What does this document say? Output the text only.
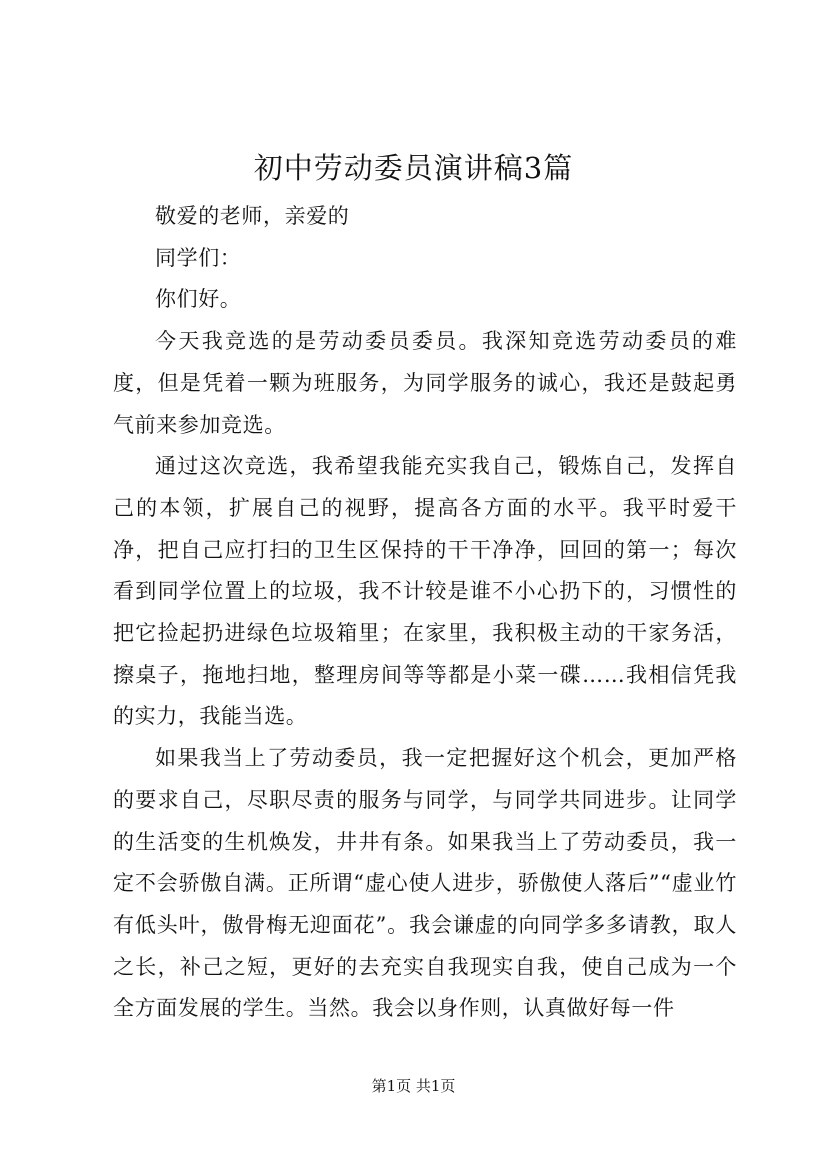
初中劳动委员演讲稿3篇

敬爱的老师，亲爱的

同学们：

你们好。

今天我竞选的是劳动委员委员。我深知竞选劳动委员的难度，但是凭着一颗为班服务，为同学服务的诚心，我还是鼓起勇气前来参加竞选。

通过这次竞选，我希望我能充实我自己，锻炼自己，发挥自己的本领，扩展自己的视野，提高各方面的水平。我平时爱干净，把自己应打扫的卫生区保持的干干净净，回回的第一；每次看到同学位置上的垃圾，我不计较是谁不小心扔下的，习惯性的把它捡起扔进绿色垃圾箱里；在家里，我积极主动的干家务活，擦桌子，拖地扫地，整理房间等等都是小菜一碟……我相信凭我的实力，我能当选。

如果我当上了劳动委员，我一定把握好这个机会，更加严格的要求自己，尽职尽责的服务与同学，与同学共同进步。让同学的生活变的生机焕发，井井有条。如果我当上了劳动委员，我一定不会骄傲自满。正所谓“虚心使人进步，骄傲使人落后”“虚业竹有低头叶，傲骨梅无迎面花”。我会谦虚的向同学多多请教，取人之长，补己之短，更好的去充实自我现实自我，使自己成为一个全方面发展的学生。当然。我会以身作则，认真做好每一件

第1页 共1页
